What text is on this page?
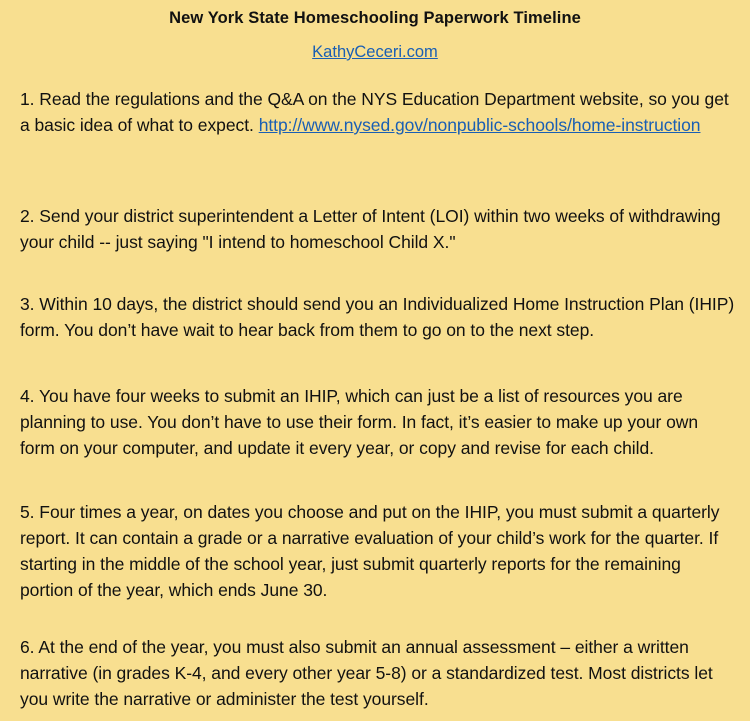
New York State Homeschooling Paperwork Timeline
KathyCeceri.com

1. Read the regulations and the Q&A on the NYS Education Department website, so you get a basic idea of what to expect. http://www.nysed.gov/nonpublic-schools/home-instruction

2. Send your district superintendent a Letter of Intent (LOI) within two weeks of withdrawing your child -- just saying "I intend to homeschool Child X."

3. Within 10 days, the district should send you an Individualized Home Instruction Plan (IHIP) form. You don’t have wait to hear back from them to go on to the next step.

4. You have four weeks to submit an IHIP, which can just be a list of resources you are planning to use. You don’t have to use their form. In fact, it’s easier to make up your own form on your computer, and update it every year, or copy and revise for each child.

5. Four times a year, on dates you choose and put on the IHIP, you must submit a quarterly report. It can contain a grade or a narrative evaluation of your child’s work for the quarter. If starting in the middle of the school year, just submit quarterly reports for the remaining portion of the year, which ends June 30.

6. At the end of the year, you must also submit an annual assessment – either a written narrative (in grades K-4, and every other year 5-8) or a standardized test. Most districts let you write the narrative or administer the test yourself.
